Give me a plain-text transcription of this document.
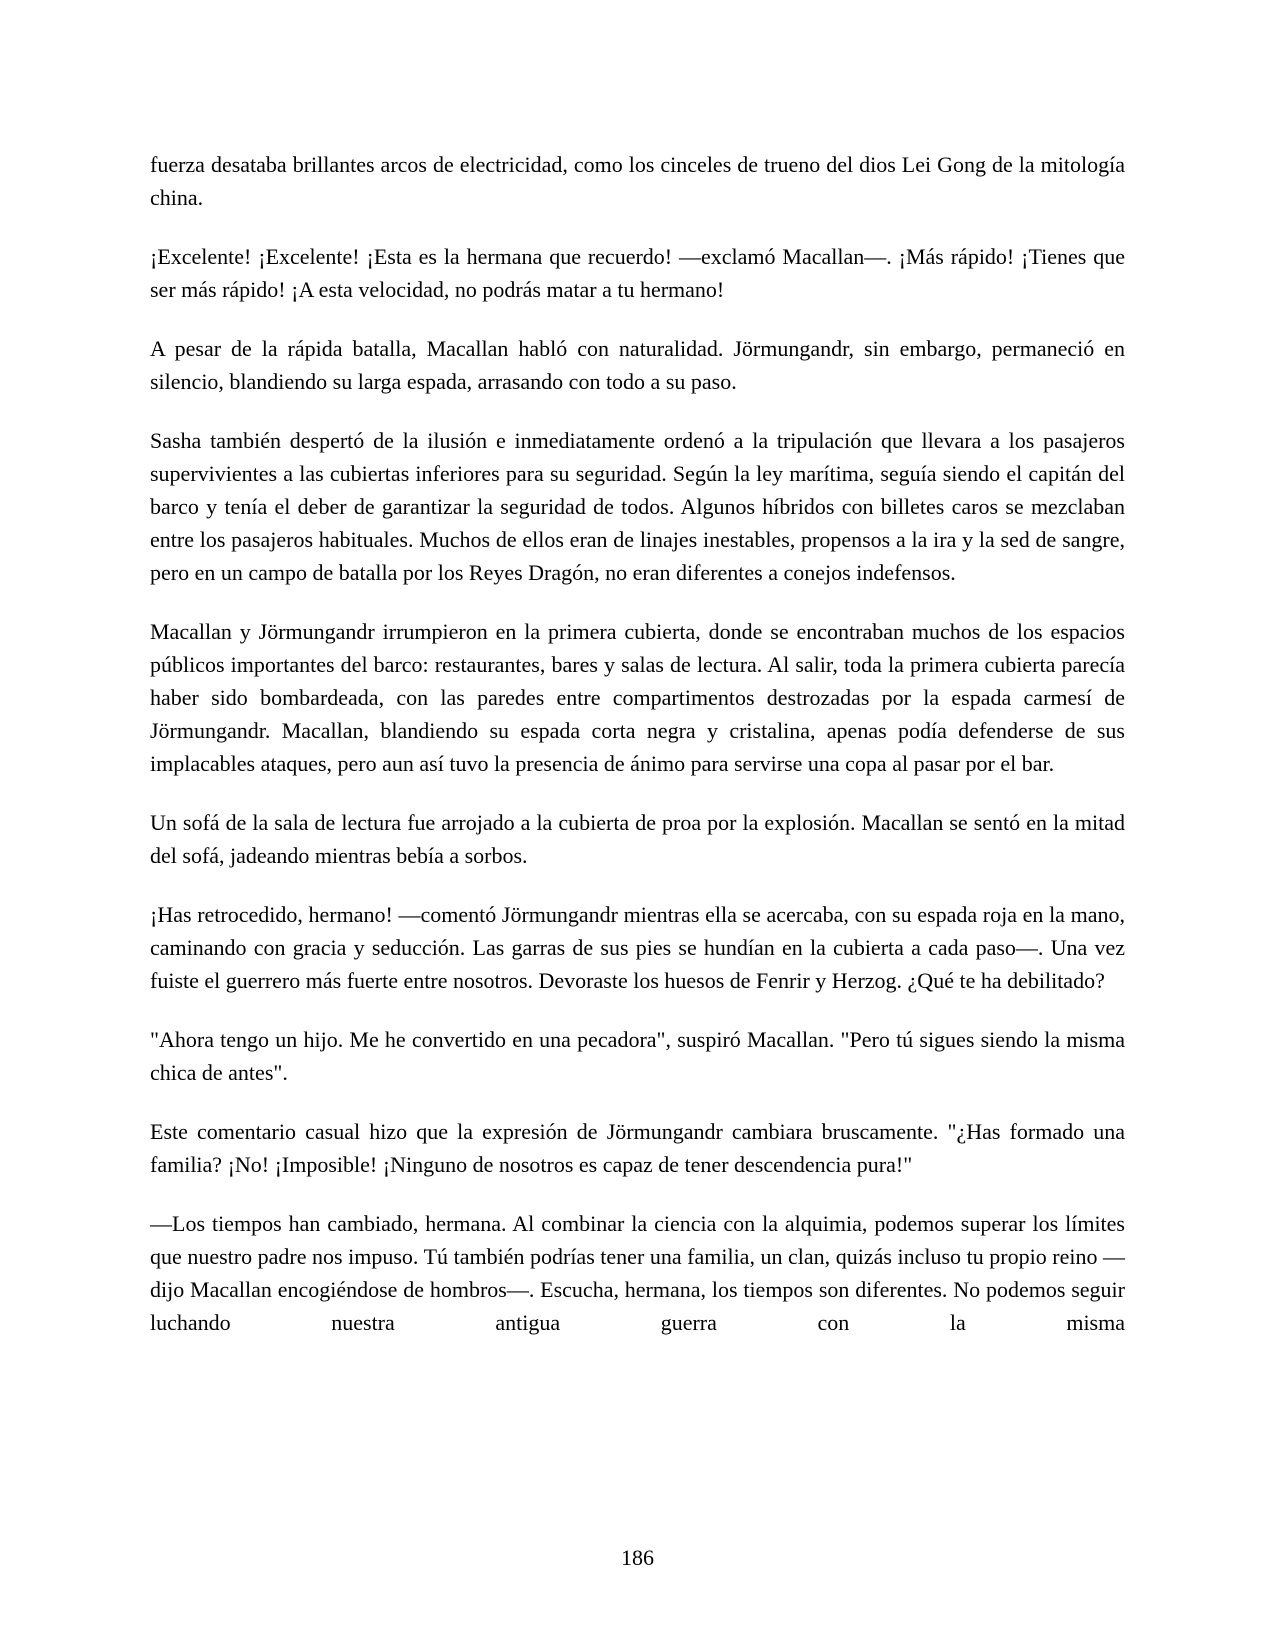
fuerza desataba brillantes arcos de electricidad, como los cinceles de trueno del dios Lei Gong de la mitología china.

¡Excelente! ¡Excelente! ¡Esta es la hermana que recuerdo! —exclamó Macallan—. ¡Más rápido! ¡Tienes que ser más rápido! ¡A esta velocidad, no podrás matar a tu hermano!

A pesar de la rápida batalla, Macallan habló con naturalidad. Jörmungandr, sin embargo, permaneció en silencio, blandiendo su larga espada, arrasando con todo a su paso.

Sasha también despertó de la ilusión e inmediatamente ordenó a la tripulación que llevara a los pasajeros supervivientes a las cubiertas inferiores para su seguridad. Según la ley marítima, seguía siendo el capitán del barco y tenía el deber de garantizar la seguridad de todos. Algunos híbridos con billetes caros se mezclaban entre los pasajeros habituales. Muchos de ellos eran de linajes inestables, propensos a la ira y la sed de sangre, pero en un campo de batalla por los Reyes Dragón, no eran diferentes a conejos indefensos.

Macallan y Jörmungandr irrumpieron en la primera cubierta, donde se encontraban muchos de los espacios públicos importantes del barco: restaurantes, bares y salas de lectura. Al salir, toda la primera cubierta parecía haber sido bombardeada, con las paredes entre compartimentos destrozadas por la espada carmesí de Jörmungandr. Macallan, blandiendo su espada corta negra y cristalina, apenas podía defenderse de sus implacables ataques, pero aun así tuvo la presencia de ánimo para servirse una copa al pasar por el bar.

Un sofá de la sala de lectura fue arrojado a la cubierta de proa por la explosión. Macallan se sentó en la mitad del sofá, jadeando mientras bebía a sorbos.

¡Has retrocedido, hermano! —comentó Jörmungandr mientras ella se acercaba, con su espada roja en la mano, caminando con gracia y seducción. Las garras de sus pies se hundían en la cubierta a cada paso—. Una vez fuiste el guerrero más fuerte entre nosotros. Devoraste los huesos de Fenrir y Herzog. ¿Qué te ha debilitado?

"Ahora tengo un hijo. Me he convertido en una pecadora", suspiró Macallan. "Pero tú sigues siendo la misma chica de antes".

Este comentario casual hizo que la expresión de Jörmungandr cambiara bruscamente. "¿Has formado una familia? ¡No! ¡Imposible! ¡Ninguno de nosotros es capaz de tener descendencia pura!"

—Los tiempos han cambiado, hermana. Al combinar la ciencia con la alquimia, podemos superar los límites que nuestro padre nos impuso. Tú también podrías tener una familia, un clan, quizás incluso tu propio reino —dijo Macallan encogiéndose de hombros—. Escucha, hermana, los tiempos son diferentes. No podemos seguir luchando nuestra antigua guerra con la misma

186
